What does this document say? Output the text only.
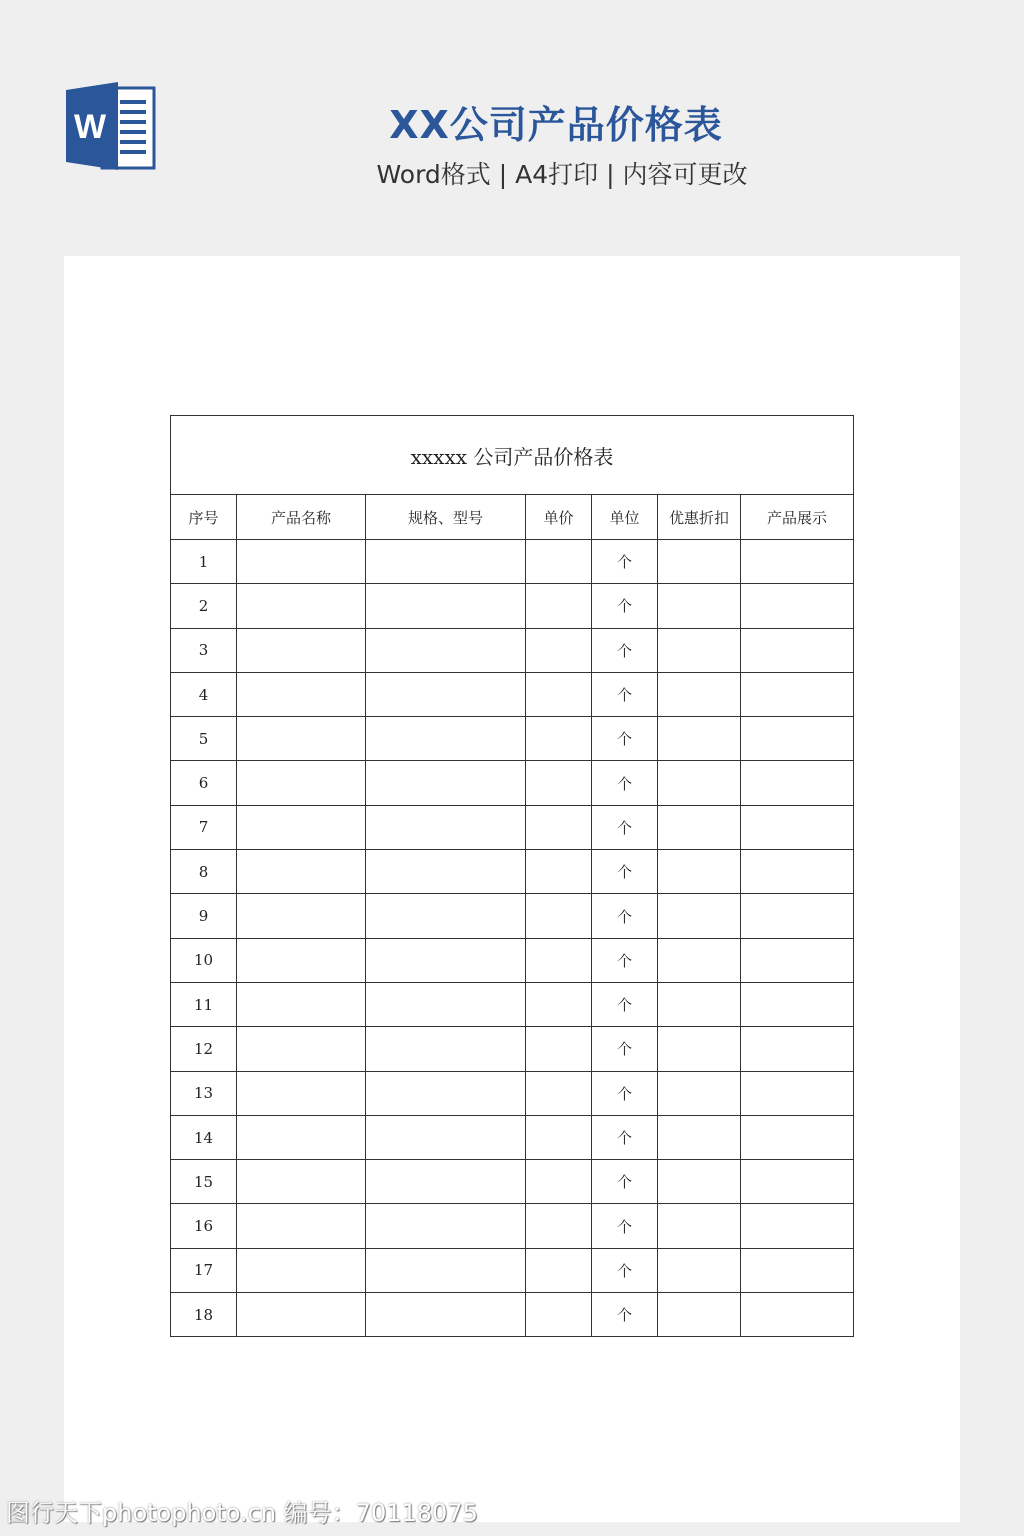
W	XX公司产品价格表
Word格式 | A4打印 | 内容可更改
xxxxx 公司产品价格表						
序号	产品名称	规格、型号	单价	单位	优惠折扣	产品展示
1				个		
2				个		
3				个		
4				个		
5				个		
6				个		
7				个		
8				个		
9				个		
10				个		
11				个		
12				个		
13				个		
14				个		
15				个		
16				个		
17				个		
18				个		
图行天下photophoto.cn 编号：70118075
